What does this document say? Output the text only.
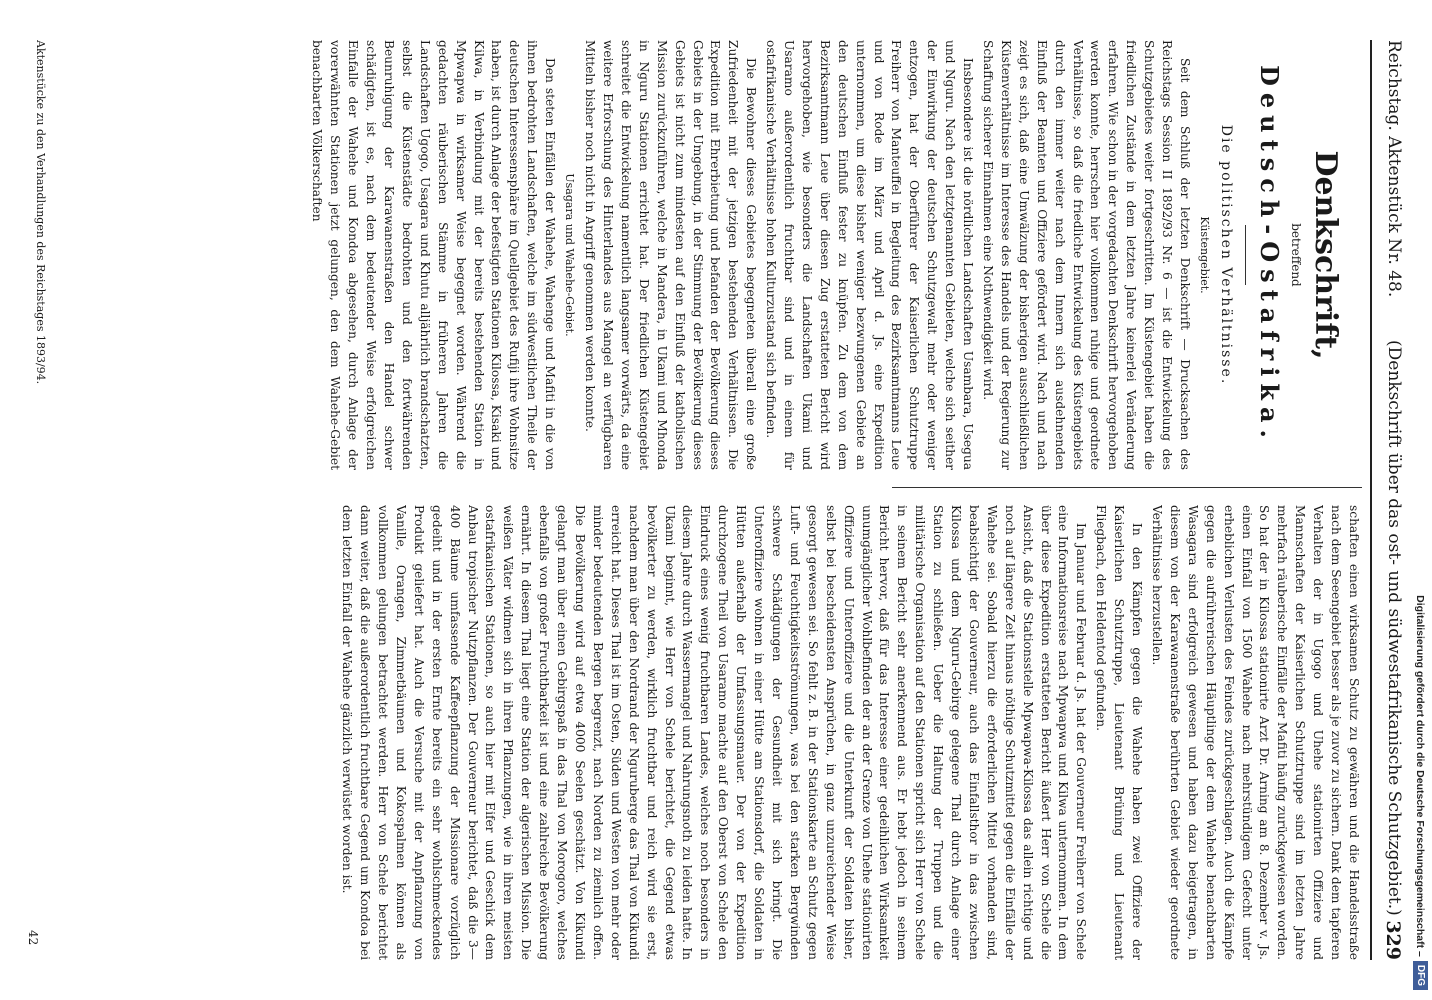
Reichstag. Aktenstück Nr. 48.
(Denkschrift über das ost- und südwestafrikanische Schutzgebiet.)
329

Denkschrift,

betreffend

Deutsch-Ostafrika.

Die politischen Verhältnisse.

Küstengebiet.

Seit dem Schluß der letzten Denkschrift — Drucksachen des Reichstags Session II 1892/93 Nr. 6 — ist die Entwickelung des Schutzgebietes weiter fortgeschritten. Im Küstengebiet haben die friedlichen Zustände in dem letzten Jahre keinerlei Veränderung erfahren. Wie schon in der vorgedachten Denkschrift hervorgehoben werden konnte, herrschen hier vollkommen ruhige und geordnete Verhältnisse, so daß die friedliche Entwickelung des Küstengebiets durch den immer weiter nach dem Innern sich ausdehnenden Einfluß der Beamten und Offiziere gefördert wird. Nach und nach zeigt es sich, daß eine Umwälzung der bisherigen ausschließlichen Küstenverhältnisse im Interesse des Handels und der Regierung zur Schaffung sicherer Einnahmen eine Nothwendigkeit wird.

Insbesondere ist die nördlichen Landschaften Usambara, Usegua und Nguru. Nach den letztgenannten Gebieten, welche sich seither der Einwirkung der deutschen Schutzgewalt mehr oder weniger entzogen, hat der Oberführer der Kaiserlichen Schutztruppe Freiherr von Manteuffel in Begleitung des Bezirksamtmanns Leue und von Rode im März und April d. Js. eine Expedition unternommen, um diese bisher weniger bezwungenen Gebiete an den deutschen Einfluß fester zu knüpfen. Zu dem von dem Bezirksamtmann Leue über diesen Zug erstatteten Bericht wird hervorgehoben, wie besonders die Landschaften Ukami und Usaramo außerordentlich fruchtbar sind und in einem für ostafrikanische Verhältnisse hohen Kulturzustand sich befinden.

Die Bewohner dieses Gebietes begegneten überall eine große Zufriedenheit mit der jetzigen bestehenden Verhältnissen. Die Expedition mit Ehrerbietung und befanden der Bevölkerung dieses Gebiets in der Umgebung, in der Stimmung der Bevölkerung dieses Gebiets ist nicht zum mindesten auf den Einfluß der katholischen Mission zurückzuführen, welche in Mandera, in Ukami und Mhonda in Nguru Stationen errichtet hat. Der friedlichen Küstengebiet schreitet die Entwickelung namentlich langsamer vorwärts, da eine weitere Erforschung des Hinterlandes aus Mangel an verfügbaren Mitteln bisher noch nicht in Angriff genommen werden konnte.

Usagara und Wahehe-Gebiet.

Den steten Einfällen der Wahehe, Wahenge und Mafiti in die von ihnen bedrohten Landschaften, welche im südwestlichen Theile der deutschen Interessensphäre im Quellgebiet des Rufiji ihre Wohnsitze haben, ist durch Anlage der befestigten Stationen Kilossa, Kisaki und Kilwa, in Verbindung mit der bereits bestehenden Station in Mpwapwa in wirksamer Weise begegnet worden. Während die gedachten räuberischen Stämme in früheren Jahren die Landschaften Ugogo, Usagara und Khutu alljährlich brandschatzten, selbst die Küstenstädte bedrohten und den fortwährenden Beunruhigung der Karawanenstraßen den Handel schwer schädigten, ist es, nach dem bedeutender Weise erfolgreichen Einfalle der Wahehe und Kondoa abgesehen, durch Anlage der vorerwähnten Stationen jetzt gelungen, den dem Wahehe-Gebiet benachbarten Völkerschaften

schaften einen wirksamen Schutz zu gewähren und die Handelsstraße nach dem Seeengebiet besser als je zuvor zu sichern. Dank dem tapferen Verhalten der in Ugogo und Uhehe stationirten Offiziere und Mannschaften der Kaiserlichen Schutztruppe sind im letzten Jahre mehrfach räuberische Einfälle der Mafiti häufig zurückgewiesen worden. So hat der in Kilossa stationirte Arzt Dr. Arning am 8. Dezember v. Js. einen Einfall von 1500 Wahehe nach mehrstündigem Gefecht unter erheblichen Verlusten des Feindes zurückgeschlagen. Auch die Kämpfe gegen die aufrührerischen Häuptlinge der dem Wahehe benachbarten Wasagara sind erfolgreich gewesen und haben dazu beigetragen, in diesem von der Karawanenstraße berührten Gebiet wieder geordnete Verhältnisse herzustellen.

In den Kämpfen gegen die Wahehe haben zwei Offiziere der Kaiserlichen Schutztruppe, Lieutenant Brüning und Lieutenant Fliegbach, den Heldentod gefunden.

Im Januar und Februar d. Js. hat der Gouverneur Freiherr von Schele eine Informationsreise nach Mpwapwa und Kilwa unternommen. In dem über diese Expedition erstatteten Bericht äußert Herr von Schele die Ansicht, daß die Stationsstelle Mpwapwa-Kilossa das allein richtige und noch auf längere Zeit hinaus nöthige Schutzmittel gegen die Einfälle der Wahehe sei. Sobald hierzu die erforderlichen Mittel vorhanden sind, beabsichtigt der Gouverneur, auch das Einfallsthor in das zwischen Kilossa und dem Nguru-Gebirge gelegene Thal durch Anlage einer Station zu schließen. Ueber die Haltung der Truppen und die militärische Organisation auf den Stationen spricht sich Herr von Schele in seinem Bericht sehr anerkennend aus. Er hebt jedoch in seinem Bericht hervor, daß für das Interesse einer gedeihlichen Wirksamkeit unumgänglicher Wohlbefinden der an der Grenze von Uhehe stationirten Offiziere und Unteroffiziere und die Unterkunft der Soldaten bisher, selbst bei bescheidensten Ansprüchen, in ganz unzureichender Weise gesorgt gewesen sei. So fehlt z. B. in der Stationskarte an Schutz gegen Luft- und Feuchtigkeitsströmungen, was bei den starken Bergwinden schwere Schädigungen der Gesundheit mit sich bringt. Die Unteroffiziere wohnen in einer Hütte am Stationsdorf, die Soldaten in Hütten außerhalb der Umfassungsmauer. Der von der Expedition durchzogene Theil von Usaramo machte auf den Oberst von Schele den Eindruck eines wenig fruchtbaren Landes, welches noch besonders in diesem Jahre durch Wassermangel und Nahrungsnoth zu leiden hatte. In Ukami beginnt, wie Herr von Schele berichtet, die Gegend etwas bevölkerter zu werden, wirklich fruchtbar und reich wird sie erst, nachdem man über den Nordrand der Nguruberge das Thal von Kikundi erreicht hat. Dieses Thal ist im Osten, Süden und Westen von mehr oder minder bedeutenden Bergen begrenzt, nach Norden zu ziemlich offen. Die Bevölkerung wird auf etwa 4000 Seelen geschätzt. Von Kikundi gelangt man über einen Gebirgspaß in das Thal von Morogoro, welches ebenfalls von großer Fruchtbarkeit ist und eine zahlreiche Bevölkerung ernährt. In diesem Thal liegt eine Station der algerischen Mission. Die weißen Väter widmen sich in ihren Pflanzungen, wie in ihren meisten ostafrikanischen Stationen, so auch hier mit Eifer und Geschick dem Anbau tropischer Nutzpflanzen. Der Gouverneur berichtet, daß die 3—400 Bäume umfassende Kaffeepflanzung der Missionare vorzüglich gedeiht und in der ersten Ernte bereits ein sehr wohlschmeckendes Produkt geliefert hat. Auch die Versuche mit der Anpflanzung von Vanille, Orangen, Zimmetbäumen und Kokospalmen können als vollkommen gelungen betrachtet werden. Herr von Schele berichtet dann weiter, daß die außerordentlich fruchtbare Gegend um Kondoa bei dem letzten Einfall der Wahehe gänzlich verwüstet worden ist.

Aktenstücke zu den Verhandlungen des Reichstages 1893/94.
42	Digitalisierung gefördert durch die Deutsche Forschungsgemeinschaft –
DFG
